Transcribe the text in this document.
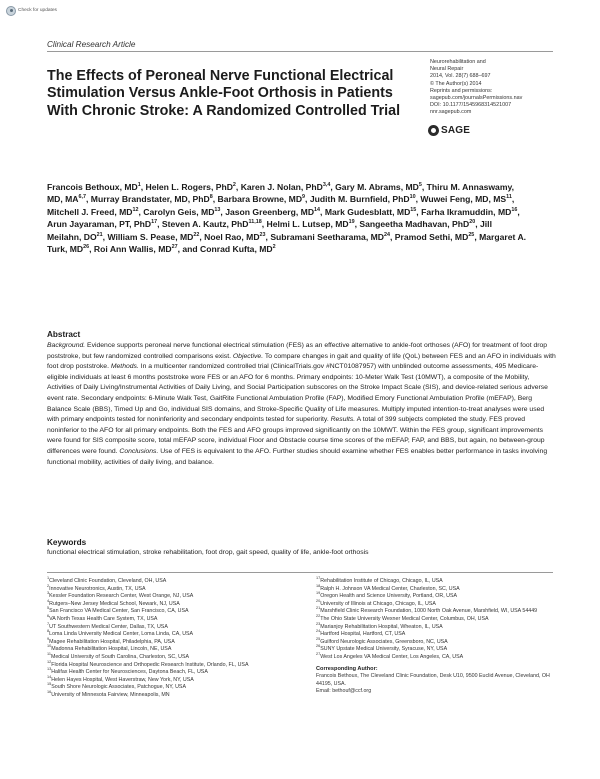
Check for updates
Clinical Research Article
The Effects of Peroneal Nerve Functional Electrical Stimulation Versus Ankle-Foot Orthosis in Patients With Chronic Stroke: A Randomized Controlled Trial
Neurorehabilitation and
Neural Repair
2014, Vol. 28(7) 688–697
© The Author(s) 2014
Reprints and permissions:
sagepub.com/journalsPermissions.nav
DOI: 10.1177/1545968314521007
nnr.sagepub.com
SAGE
Francois Bethoux, $MD^1$, Helen L. Rogers, PhD$^2$, Karen J. Nolan, PhD$^{3,4}$, Gary M. Abrams, $MD^5$, Thiru M. Annaswamy, MD, MA$^{6,7}$, Murray Brandstater, MD, PhD$^8$, Barbara Browne, $MD^9$, Judith M. Burnfield, PhD$^{10}$, Wuwei Feng, MD, MS$^{11}$, Mitchell J. Freed, MD$^{12}$, Carolyn Geis, MD$^{13}$, Jason Greenberg, MD$^{14}$, Mark Gudesblatt, MD$^{15}$, Farha Ikramuddin, MD$^{16}$, Arun Jayaraman, PT, PhD$^{17}$, Steven A. Kautz, PhD$^{11,18}$, Helmi L. Lutsep, MD$^{19}$, Sangeetha Madhavan, PhD$^{20}$, Jill Meilahn, DO$^{21}$, William S. Pease, MD$^{22}$, Noel Rao, MD$^{23}$, Subramani Seetharama, MD$^{24}$, Pramod Sethi, MD$^{25}$, Margaret A. Turk, MD$^{26}$, Roi Ann Wallis, MD$^{27}$, and Conrad Kufta, $MD^2$
Abstract

Background. Evidence supports peroneal nerve functional electrical stimulation (FES) as an effective alternative to ankle-foot orthoses (AFO) for treatment of foot drop poststroke, but few randomized controlled comparisons exist. Objective. To compare changes in gait and quality of life (QoL) between FES and an AFO in individuals with foot drop poststroke. Methods. In a multicenter randomized controlled trial (ClinicalTrials.gov #NCT01087957) with unblinded outcome assessments, 495 Medicare-eligible individuals at least 6 months poststroke wore FES or an AFO for 6 months. Primary endpoints: 10-Meter Walk Test (10MWT), a composite of the Mobility, Activities of Daily Living/Instrumental Activities of Daily Living, and Social Participation subscores on the Stroke Impact Scale (SIS), and device-related serious adverse event rate. Secondary endpoints: 6-Minute Walk Test, GaitRite Functional Ambulation Profile (FAP), Modified Emory Functional Ambulation Profile (mEFAP), Berg Balance Scale (BBS), Timed Up and Go, individual SIS domains, and Stroke-Specific Quality of Life measures. Multiply imputed intention-to-treat analyses were used with primary endpoints tested for noninferiority and secondary endpoints tested for superiority. Results. A total of 399 subjects completed the study. FES proved noninferior to the AFO for all primary endpoints. Both the FES and AFO groups improved significantly on the 10MWT. Within the FES group, significant improvements were found for SIS composite score, total mEFAP score, individual Floor and Obstacle course time scores of the mEFAP, FAP, and BBS, but again, no between-group differences were found. Conclusions. Use of FES is equivalent to the AFO. Further studies should examine whether FES enables better performance in tasks involving functional mobility, activities of daily living, and balance.

Keywords
functional electrical stimulation, stroke rehabilitation, foot drop, gait speed, quality of life, ankle-foot orthosis
$^1$Cleveland Clinic Foundation, Cleveland, OH, USA
$^2$Innovative Neurotronics, Austin, TX, USA
$^3$Kessler Foundation Research Center, West Orange, NJ, USA
$^4$Rutgers–New Jersey Medical School, Newark, NJ, USA
$^5$San Francisco VA Medical Center, San Francisco, CA, USA
$^6$VA North Texas Health Care System, TX, USA
$^7$UT Southwestern Medical Center, Dallas, TX, USA
$^8$Loma Linda University Medical Center, Loma Linda, CA, USA
$^9$Magee Rehabilitation Hospital, Philadelphia, PA, USA
$^{10}$Madonna Rehabilitation Hospital, Lincoln, NE, USA
$^{11}$Medical University of South Carolina, Charleston, SC, USA
$^{12}$Florida Hospital Neuroscience and Orthopedic Research Institute, Orlando, FL, USA
$^{13}$Halifax Health Center for Neurosciences, Daytona Beach, FL, USA
$^{14}$Helen Hayes Hospital, West Haverstraw, New York, NY, USA
$^{15}$South Shore Neurologic Associates, Patchogue, NY, USA
$^{16}$University of Minnesota Fairview, Minneapolis, MN
$^{17}$Rehabilitation Institute of Chicago, Chicago, IL, USA
$^{18}$Ralph H. Johnson VA Medical Center, Charleston, SC, USA
$^{19}$Oregon Health and Science University, Portland, OR, USA
$^{20}$University of Illinois at Chicago, Chicago, IL, USA
$^{21}$Marshfield Clinic Research Foundation, 1000 North Oak Avenue, Marshfield, WI, USA 54449
$^{22}$The Ohio State University Wexner Medical Center, Columbus, OH, USA
$^{23}$Marianjoy Rehabilitation Hospital, Wheaton, IL, USA
$^{24}$Hartford Hospital, Hartford, CT, USA
$^{25}$Guilford Neurologic Associates, Greensboro, NC, USA
$^{26}$SUNY Upstate Medical University, Syracuse, NY, USA
$^{27}$West Los Angeles VA Medical Center, Los Angeles, CA, USA
Corresponding Author:
Francois Bethoux, The Cleveland Clinic Foundation, Desk U10, 9500 Euclid Avenue, Cleveland, OH 44195, USA.
Email: bethouf@ccf.org
